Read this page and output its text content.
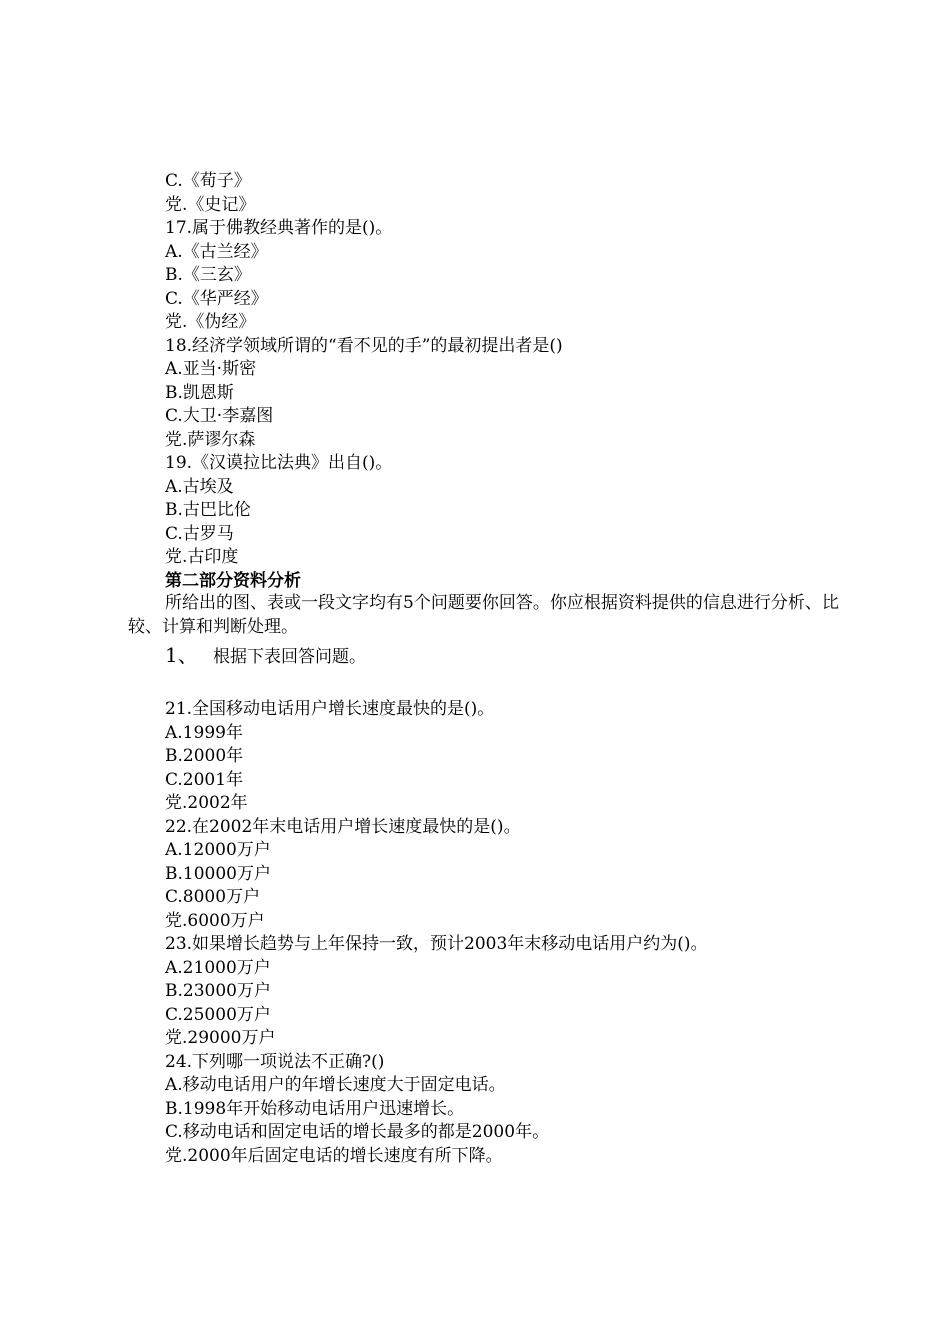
C.《荀子》
党.《史记》
17.属于佛教经典著作的是()。
A.《古兰经》
B.《三玄》
C.《华严经》
党.《伪经》
18.经济学领域所谓的“看不见的手”的最初提出者是()
A.亚当·斯密
B.凯恩斯
C.大卫·李嘉图
党.萨谬尔森
19.《汉谟拉比法典》出自()。
A.古埃及
B.古巴比伦
C.古罗马
党.古印度
第二部分资料分析
所给出的图、表或一段文字均有5个问题要你回答。你应根据资料提供的信息进行分析、比较、计算和判断处理。
1、 根据下表回答问题。
21.全国移动电话用户增长速度最快的是()。
A.1999年
B.2000年
C.2001年
党.2002年
22.在2002年末电话用户增长速度最快的是()。
A.12000万户
B.10000万户
C.8000万户
党.6000万户
23.如果增长趋势与上年保持一致，预计2003年末移动电话用户约为()。
A.21000万户
B.23000万户
C.25000万户
党.29000万户
24.下列哪一项说法不正确?()
A.移动电话用户的年增长速度大于固定电话。
B.1998年开始移动电话用户迅速增长。
C.移动电话和固定电话的增长最多的都是2000年。
党.2000年后固定电话的增长速度有所下降。
